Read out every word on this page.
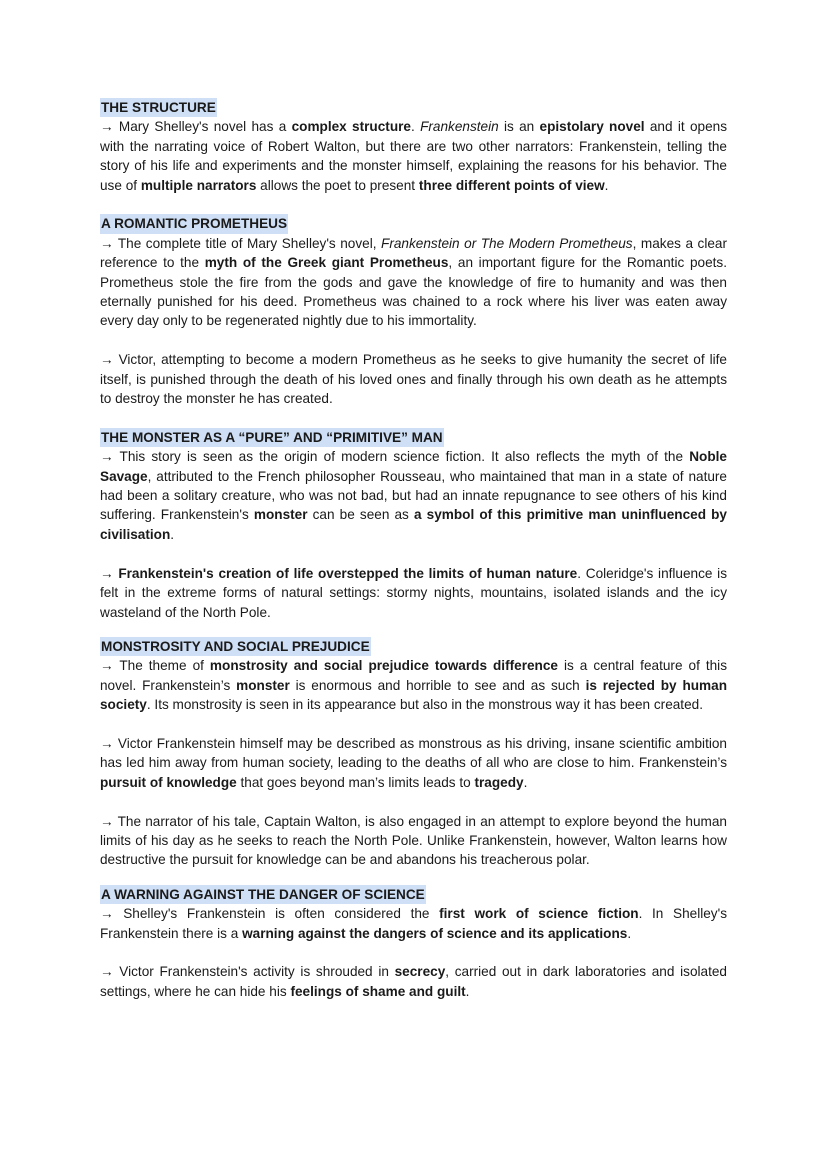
THE STRUCTURE

→ Mary Shelley's novel has a complex structure. Frankenstein is an epistolary novel and it opens with the narrating voice of Robert Walton, but there are two other narrators: Frankenstein, telling the story of his life and experiments and the monster himself, explaining the reasons for his behavior. The use of multiple narrators allows the poet to present three different points of view.

A ROMANTIC PROMETHEUS

→ The complete title of Mary Shelley's novel, Frankenstein or The Modern Prometheus, makes a clear reference to the myth of the Greek giant Prometheus, an important figure for the Romantic poets. Prometheus stole the fire from the gods and gave the knowledge of fire to humanity and was then eternally punished for his deed. Prometheus was chained to a rock where his liver was eaten away every day only to be regenerated nightly due to his immortality.

→ Victor, attempting to become a modern Prometheus as he seeks to give humanity the secret of life itself, is punished through the death of his loved ones and finally through his own death as he attempts to destroy the monster he has created.

THE MONSTER AS A “PURE” AND “PRIMITIVE” MAN

→ This story is seen as the origin of modern science fiction. It also reflects the myth of the Noble Savage, attributed to the French philosopher Rousseau, who maintained that man in a state of nature had been a solitary creature, who was not bad, but had an innate repugnance to see others of his kind suffering. Frankenstein's monster can be seen as a symbol of this primitive man uninfluenced by civilisation.

→ Frankenstein's creation of life overstepped the limits of human nature. Coleridge's influence is felt in the extreme forms of natural settings: stormy nights, mountains, isolated islands and the icy wasteland of the North Pole.

MONSTROSITY AND SOCIAL PREJUDICE

→ The theme of monstrosity and social prejudice towards difference is a central feature of this novel. Frankenstein’s monster is enormous and horrible to see and as such is rejected by human society. Its monstrosity is seen in its appearance but also in the monstrous way it has been created.

→ Victor Frankenstein himself may be described as monstrous as his driving, insane scientific ambition has led him away from human society, leading to the deaths of all who are close to him. Frankenstein’s pursuit of knowledge that goes beyond man’s limits leads to tragedy.

→ The narrator of his tale, Captain Walton, is also engaged in an attempt to explore beyond the human limits of his day as he seeks to reach the North Pole. Unlike Frankenstein, however, Walton learns how destructive the pursuit for knowledge can be and abandons his treacherous polar.

A WARNING AGAINST THE DANGER OF SCIENCE

→ Shelley's Frankenstein is often considered the first work of science fiction. In Shelley's Frankenstein there is a warning against the dangers of science and its applications.

→ Victor Frankenstein's activity is shrouded in secrecy, carried out in dark laboratories and isolated settings, where he can hide his feelings of shame and guilt.
